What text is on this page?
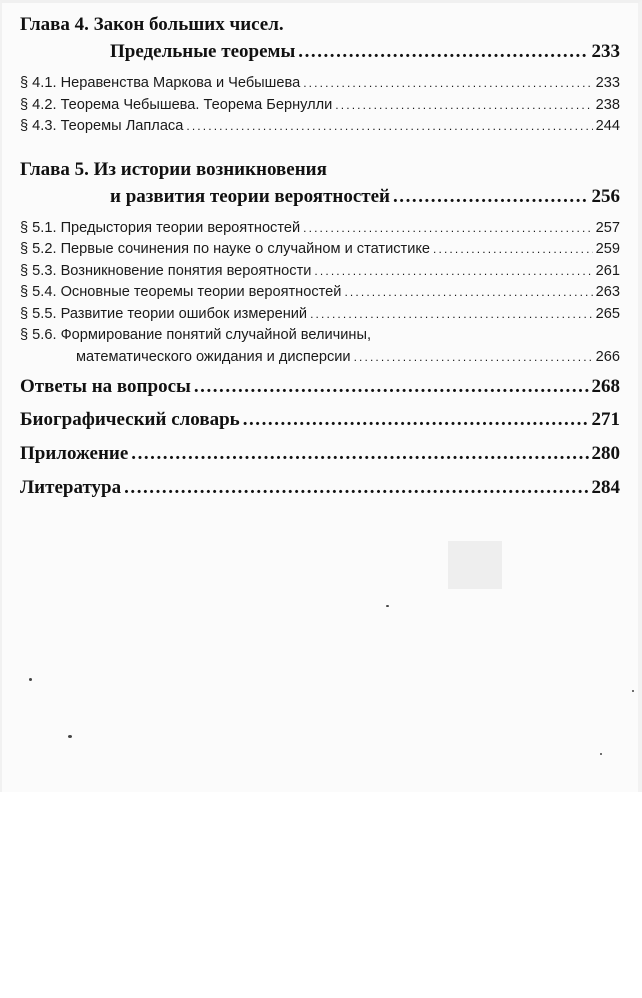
Глава 4. Закон больших чисел.
Предельные теоремы . . .	233
§ 4.1. Неравенства Маркова и Чебышева . . .	233
§ 4.2. Теорема Чебышева. Теорема Бернулли . . .	238
§ 4.3. Теоремы Лапласа . . .	244
Глава 5. Из истории возникновения
и развития теории вероятностей . . .	256
§ 5.1. Предыстория теории вероятностей . . .	257
§ 5.2. Первые сочинения по науке о случайном и статистике . . .	259
§ 5.3. Возникновение понятия вероятности . . .	261
§ 5.4. Основные теоремы теории вероятностей . . .	263
§ 5.5. Развитие теории ошибок измерений . . .	265
§ 5.6. Формирование понятий случайной величины,
математического ожидания и дисперсии . . .	266
Ответы на вопросы . . .	268
Биографический словарь . . .	271
Приложение . . .	280
Литература . . .	284
